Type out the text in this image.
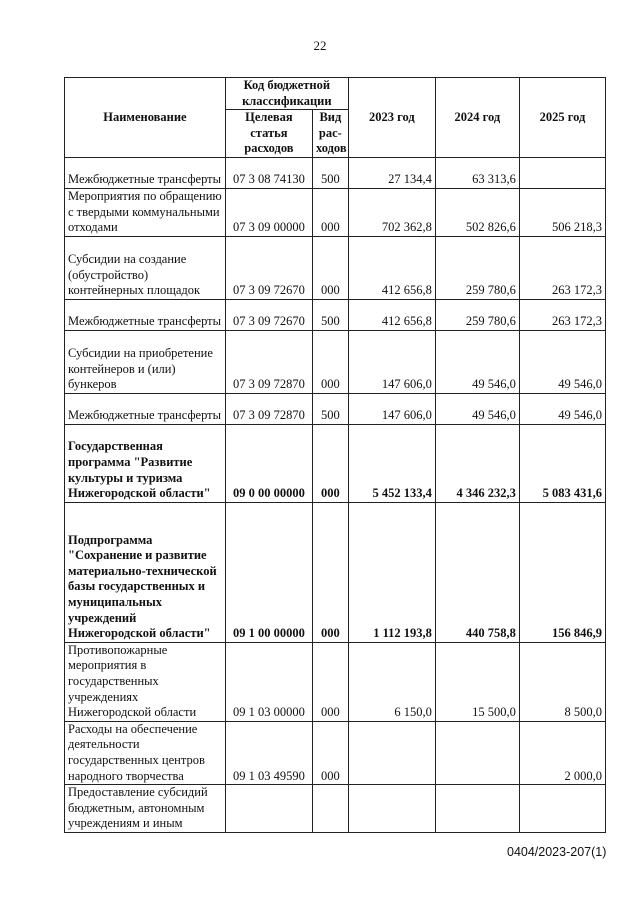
22
Наименование	Код бюджетной классификации		2023 год	2024 год	2025 год
	Целевая статья расходов	Вид рас-ходов			
Межбюджетные трансферты	07 3 08 74130	500	27 134,4	63 313,6	
Мероприятия по обращению с твердыми коммунальными отходами	07 3 09 00000	000	702 362,8	502 826,6	506 218,3
Субсидии на создание (обустройство) контейнерных площадок	07 3 09 72670	000	412 656,8	259 780,6	263 172,3
Межбюджетные трансферты	07 3 09 72670	500	412 656,8	259 780,6	263 172,3
Субсидии на приобретение контейнеров и (или) бункеров	07 3 09 72870	000	147 606,0	49 546,0	49 546,0
Межбюджетные трансферты	07 3 09 72870	500	147 606,0	49 546,0	49 546,0
Государственная программа "Развитие культуры и туризма Нижегородской области"	09 0 00 00000	000	5 452 133,4	4 346 232,3	5 083 431,6
Подпрограмма "Сохранение и развитие материально-технической базы государственных и муниципальных учреждений Нижегородской области"	09 1 00 00000	000	1 112 193,8	440 758,8	156 846,9
Противопожарные мероприятия в государственных учреждениях Нижегородской области	09 1 03 00000	000	6 150,0	15 500,0	8 500,0
Расходы на обеспечение деятельности государственных центров народного творчества	09 1 03 49590	000			2 000,0
Предоставление субсидий бюджетным, автономным учреждениям и иным					
0404/2023-207(1)
